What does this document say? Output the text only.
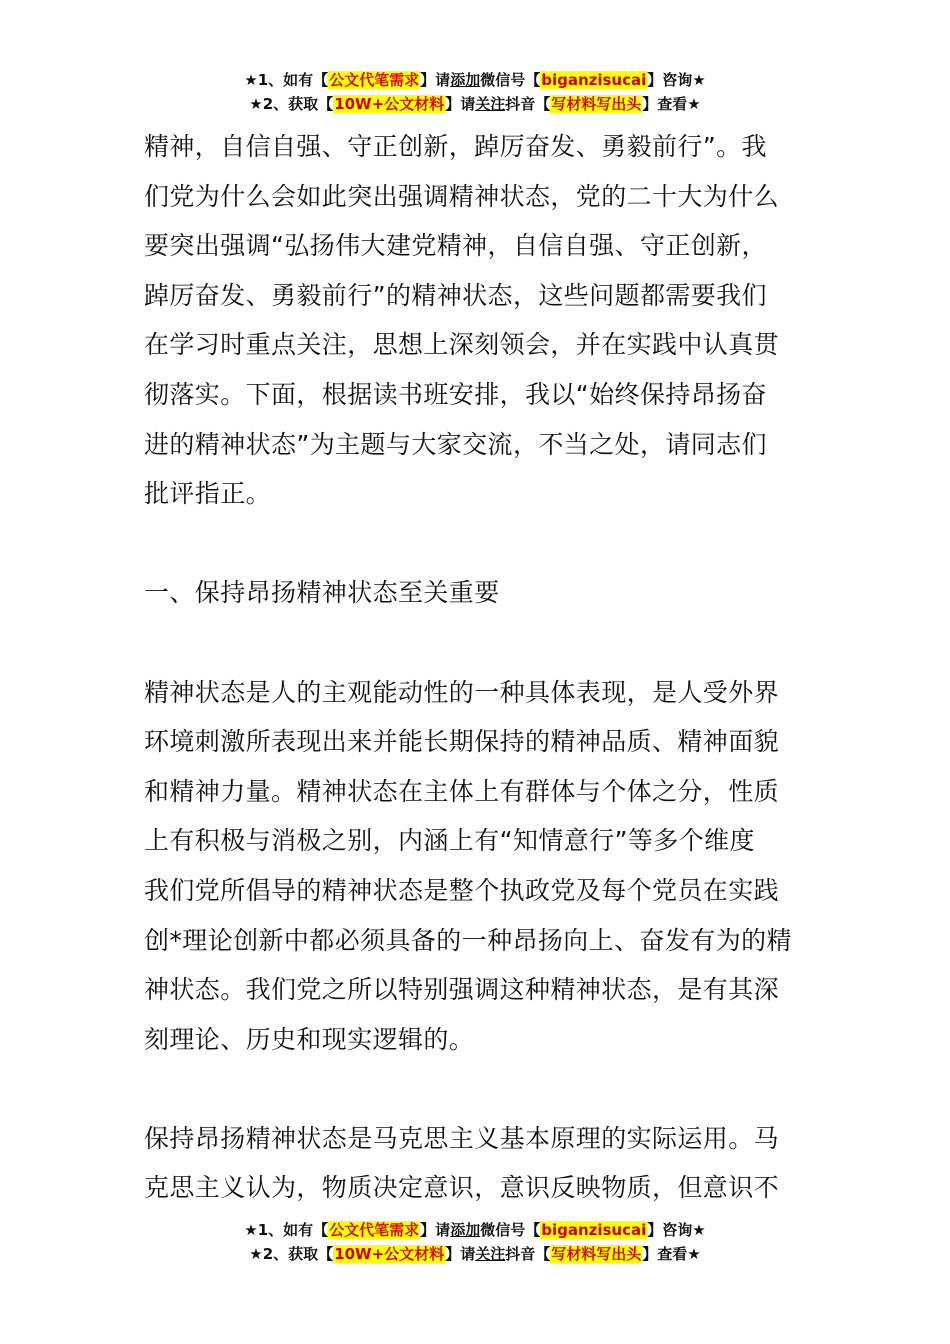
★1、如有【公文代笔需求】请添加微信号【biganzisucai】咨询★
★2、获取【10W+公文材料】请关注抖音【写材料写出头】查看★

精神，自信自强、守正创新，踔厉奋发、勇毅前行”。我
们党为什么会如此突出强调精神状态，党的二十大为什么
要突出强调“弘扬伟大建党精神，自信自强、守正创新，
踔厉奋发、勇毅前行”的精神状态，这些问题都需要我们
在学习时重点关注，思想上深刻领会，并在实践中认真贯
彻落实。下面，根据读书班安排，我以“始终保持昂扬奋
进的精神状态”为主题与大家交流，不当之处，请同志们
批评指正。

一、保持昂扬精神状态至关重要

精神状态是人的主观能动性的一种具体表现，是人受外界
环境刺激所表现出来并能长期保持的精神品质、精神面貌
和精神力量。精神状态在主体上有群体与个体之分，性质
上有积极与消极之别，内涵上有“知情意行”等多个维度
我们党所倡导的精神状态是整个执政党及每个党员在实践
创*理论创新中都必须具备的一种昂扬向上、奋发有为的精
神状态。我们党之所以特别强调这种精神状态，是有其深
刻理论、历史和现实逻辑的。

保持昂扬精神状态是马克思主义基本原理的实际运用。马
克思主义认为，物质决定意识，意识反映物质，但意识不

★1、如有【公文代笔需求】请添加微信号【biganzisucai】咨询★
★2、获取【10W+公文材料】请关注抖音【写材料写出头】查看★
